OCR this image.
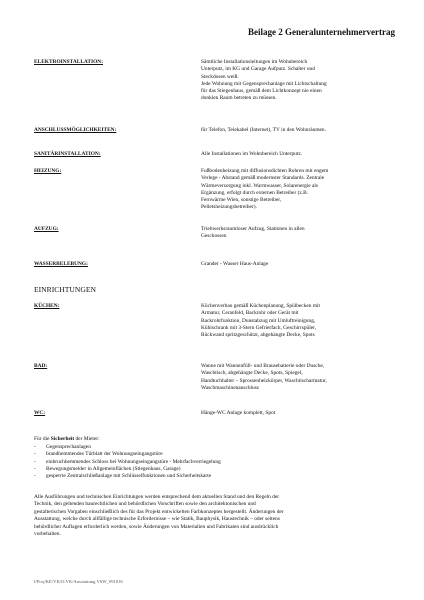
Beilage 2 Generalunternehmervertrag
ELEKTROINSTALLATION:	Sämtliche Installationsleitungen im Wohnbereich
Unterputz, im KG und Garage Aufputz. Schalter und
Steckdosen weiß.
Jede Wohnung mit Gegensprechanlage mit Lichtschaltung
für das Stiegenhaus, gemäß dem Lichtkonzept nie einen
dunklen Raum betreten zu müssen.
ANSCHLUSSMÖGLICHKEITEN:	für Telefon, Telekabel (Internet), TV in den Wohnräumen.
SANITÄRINSTALLATION:	Alle Installationen im Wohnbereich Unterputz.
HEIZUNG:	Fußbodenheizung mit diffusionsdichten Rohren mit engem
Verlege - Abstand gemäß modernster Standards. Zentrale
Wärmeversorgung inkl. Warmwasser, Solarenergie als
Ergänzung, erfolgt durch externen Betreiber (z.B.
Fernwärme Wien, sonstige Betreiber,
Pelletsheizungsbetreiber).
AUFZUG:	Triebwerksraumloser Aufzug, Stationen in allen
Geschossen
WASSERBELEBUNG:	Grander - Wasser Haus-Anlage
EINRICHTUNGEN
KÜCHEN:	Küchenverbau gemäß Küchenplanung, Spülbecken mit
Armatur, Ceranfeld, Backrohr oder Gerät mit
Backrohrfunktion, Dunstabzug mit Umluftreinigung,
Kühlschrank mit 3-Stern Gefrierfach, Geschirrspüler,
Rückwand spritzgeschützt, abgehängte Decke, Spots
BAD:	Wanne mit Wannenfüll- und Brausebatterie oder Dusche,
Waschtisch, abgehängte Decke, Spots, Spiegel,
Handtuchhalter – Sprossenheizkörper, Waschtischarmatur,
Waschmaschinenanschluss
WC:	Hänge-WC Anlage komplett, Spot
Für die Sicherheit der Mieter:
- Gegensprechanlagen
- brandhemmendes Türblatt der Wohnungseingangstüre
- einbruchhemmendes Schloss bei Wohnungseingangstüre - Mehrfachverriegelung
- Bewegungsmelder in Allgemeinflächen (Stiegenhaus, Garage)
- gesperrte Zentralschließanlage mit Schlüsselfunktionen und Sicherheitskarte
Alle Ausführungen und technischen Einrichtungen werden entsprechend dem aktuellen Stand und den Regeln der
Technik, den geltenden baurechtlichen und behördlichen Vorschriften sowie den architektonischen und
gestalterischen Vorgaben einschließlich des für das Projekt entwickelten Farbkonzeptes hergestellt. Änderungen der
Ausstattung, welche durch allfällige technische Erfordernisse – wie Statik, Bauphysik, Haustechnik – oder seitens
behördlicher Auflagen erforderlich werden, sowie Änderungen von Materialien und Fabrikaten sind ausdrücklich
vorbehalten.
I/Proj/KE/VK/O.VK/Ausstattung VSW_091016
